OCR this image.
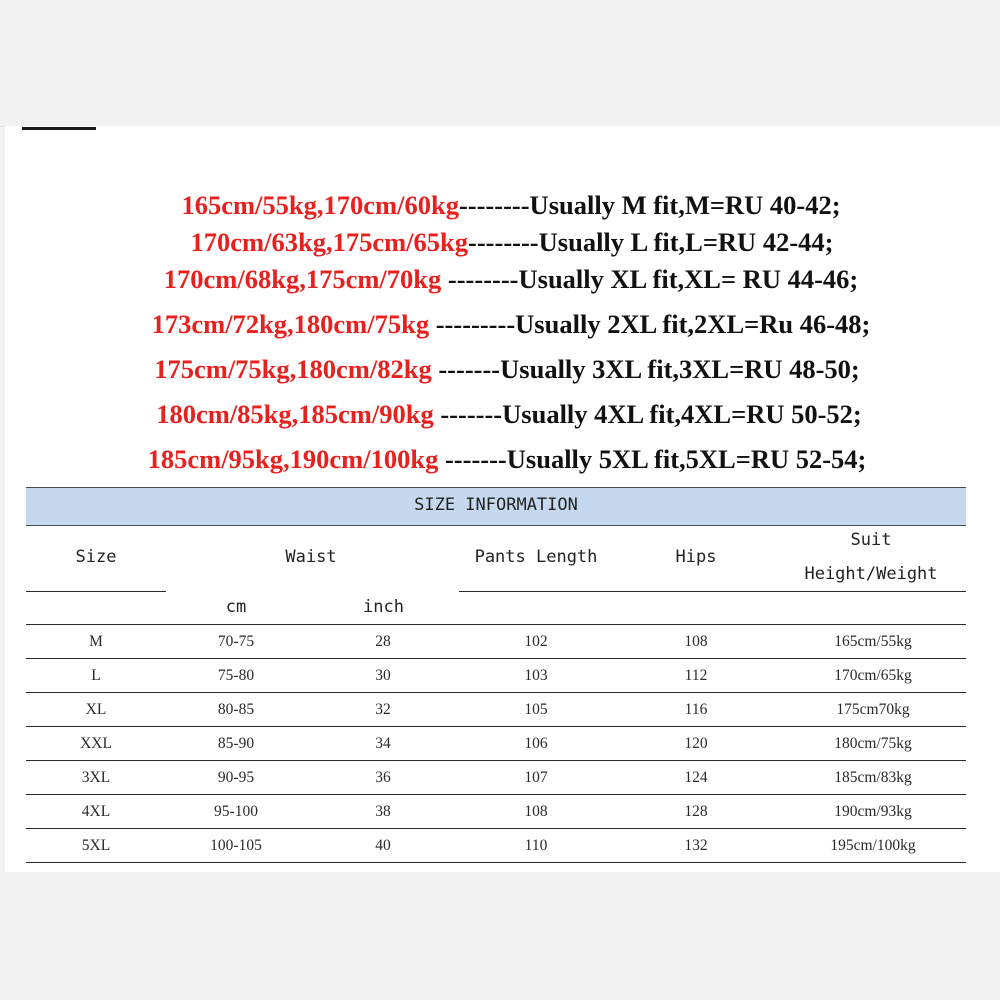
165cm/55kg,170cm/60kg--------Usually M fit,M=RU 40-42;
170cm/63kg,175cm/65kg--------Usually L fit,L=RU 42-44;
170cm/68kg,175cm/70kg --------Usually XL fit,XL= RU 44-46;
173cm/72kg,180cm/75kg ---------Usually 2XL fit,2XL=Ru 46-48;
175cm/75kg,180cm/82kg -------Usually 3XL fit,3XL=RU 48-50;
180cm/85kg,185cm/90kg -------Usually 4XL fit,4XL=RU 50-52;
185cm/95kg,190cm/100kg -------Usually 5XL fit,5XL=RU 52-54;
SIZE INFORMATION
Size	Waist	Pants Length	Hips
Suit
Height/Weight
cm	inch
M	70-75	28	102	108	165cm/55kg
L	75-80	30	103	112	170cm/65kg
XL	80-85	32	105	116	175cm70kg
XXL	85-90	34	106	120	180cm/75kg
3XL	90-95	36	107	124	185cm/83kg
4XL	95-100	38	108	128	190cm/93kg
5XL	100-105	40	110	132	195cm/100kg
